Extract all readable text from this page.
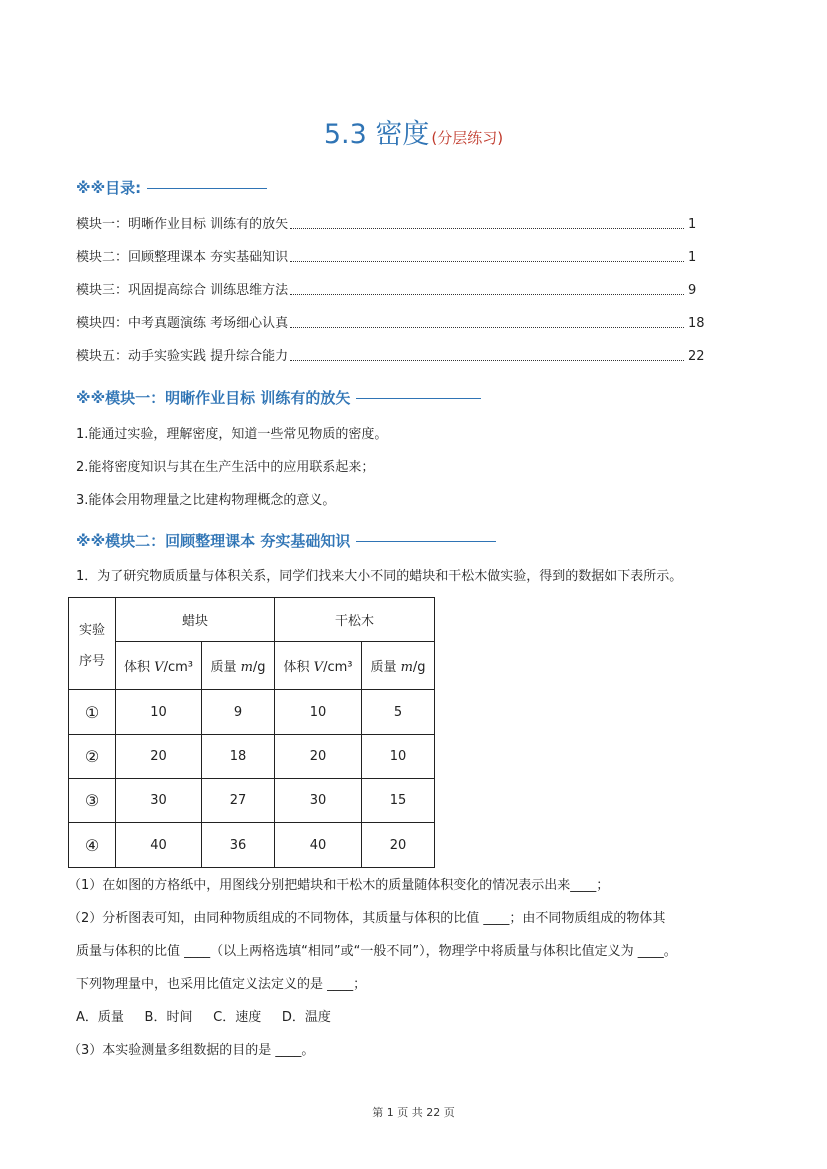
5.3 密度 (分层练习)
※※目录:
模块一：明晰作业目标 训练有的放矢	1
模块二：回顾整理课本 夯实基础知识	1
模块三：巩固提高综合 训练思维方法	9
模块四：中考真题演练 考场细心认真	18
模块五：动手实验实践 提升综合能力	22
※※模块一：明晰作业目标 训练有的放矢
1.能通过实验，理解密度，知道一些常见物质的密度。
2.能将密度知识与其在生产生活中的应用联系起来；
3.能体会用物理量之比建构物理概念的意义。
※※模块二：回顾整理课本 夯实基础知识
1．为了研究物质质量与体积关系，同学们找来大小不同的蜡块和干松木做实验，得到的数据如下表所示。
实验
序号	蜡块		干松木	
	体积 V/cm³	质量 m/g	体积 V/cm³	质量 m/g
①	10	9	10	5
②	20	18	20	10
③	30	27	30	15
④	40	36	40	20
（1）在如图的方格纸中，用图线分别把蜡块和干松木的质量随体积变化的情况表示出来____；
（2）分析图表可知，由同种物质组成的不同物体，其质量与体积的比值 ____；由不同物质组成的物体其
质量与体积的比值 ____（以上两格选填“相同”或“一般不同”），物理学中将质量与体积比值定义为 ____。
下列物理量中，也采用比值定义法定义的是 ____；
A．质量     B．时间     C．速度     D．温度
（3）本实验测量多组数据的目的是 ____。
第 1 页 共 22 页
